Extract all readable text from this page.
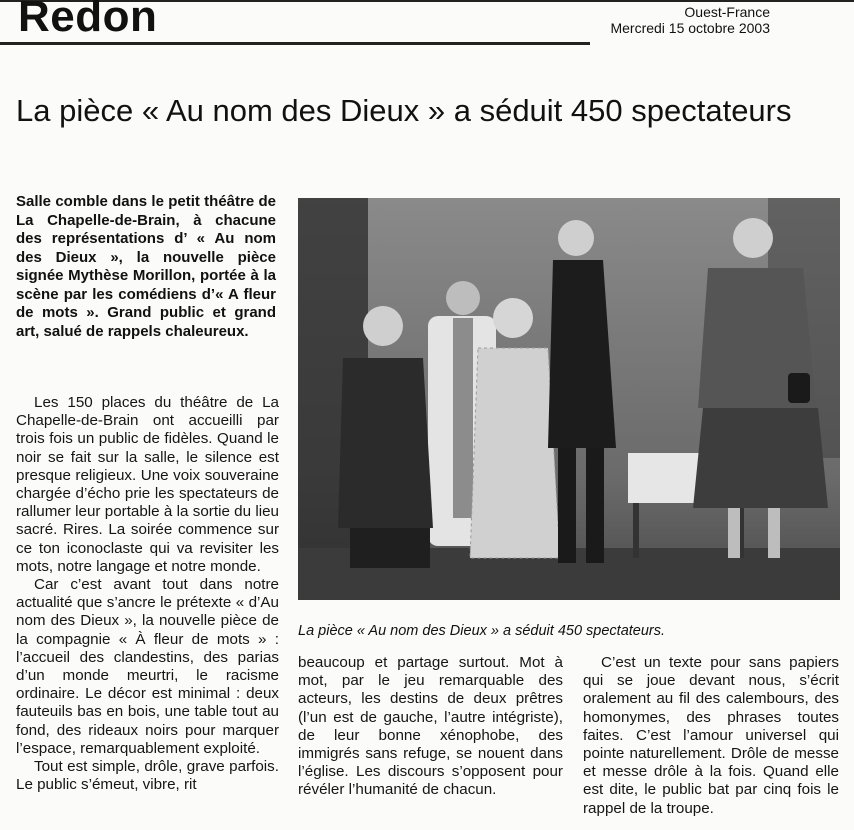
Redon	Ouest-France
Mercredi 15 octobre 2003
La pièce « Au nom des Dieux » a séduit 450 spectateurs

Salle comble dans le petit théâtre de La Chapelle-de-Brain, à chacune des représentations d’ « Au nom des Dieux », la nouvelle pièce signée Mythèse Morillon, portée à la scène par les comédiens d’« A fleur de mots ». Grand public et grand art, salué de rappels chaleureux.

Les 150 places du théâtre de La Chapelle-de-Brain ont accueilli par trois fois un public de fidèles. Quand le noir se fait sur la salle, le silence est presque religieux. Une voix souveraine chargée d’écho prie les spectateurs de rallumer leur portable à la sortie du lieu sacré. Rires. La soirée commence sur ce ton iconoclaste qui va revisiter les mots, notre langage et notre monde.

Car c’est avant tout dans notre actualité que s’ancre le prétexte « d’Au nom des Dieux », la nouvelle pièce de la compagnie « À fleur de mots » : l’accueil des clandestins, des parias d’un monde meurtri, le racisme ordinaire. Le décor est minimal : deux fauteuils bas en bois, une table tout au fond, des rideaux noirs pour marquer l’espace, remarquablement exploité.

Tout est simple, drôle, grave parfois. Le public s’émeut, vibre, rit

La pièce « Au nom des Dieux » a séduit 450 spectateurs.

beaucoup et partage surtout. Mot à mot, par le jeu remarquable des acteurs, les destins de deux prêtres (l’un est de gauche, l’autre intégriste), de leur bonne xénophobe, des immigrés sans refuge, se nouent dans l’église. Les discours s’opposent pour révéler l’humanité de chacun.

C’est un texte pour sans papiers qui se joue devant nous, s’écrit oralement au fil des calembours, des homonymes, des phrases toutes faites. C’est l’amour universel qui pointe naturellement. Drôle de messe et messe drôle à la fois. Quand elle est dite, le public bat par cinq fois le rappel de la troupe.
